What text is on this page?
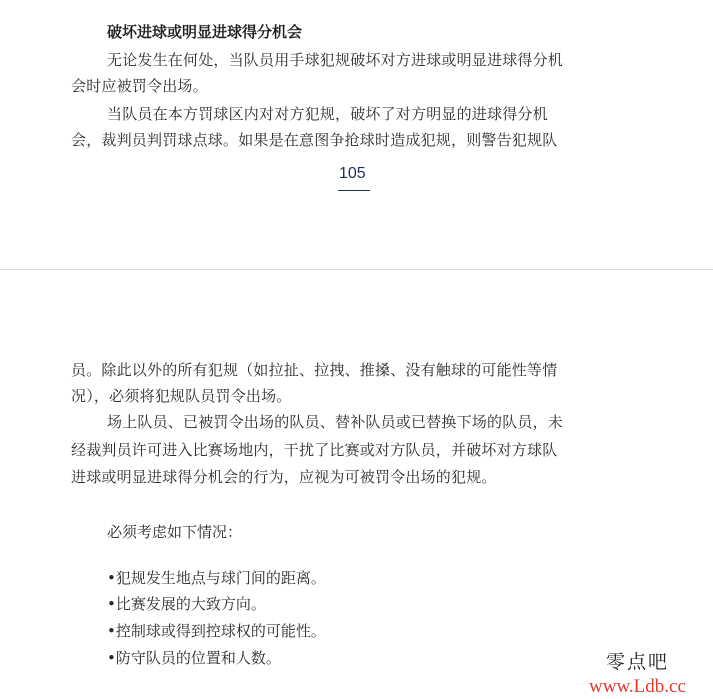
破坏进球或明显进球得分机会
无论发生在何处，当队员用手球犯规破坏对方进球或明显进球得分机
会时应被罚令出场。
当队员在本方罚球区内对对方犯规，破坏了对方明显的进球得分机
会，裁判员判罚球点球。如果是在意图争抢球时造成犯规，则警告犯规队
105
员。除此以外的所有犯规（如拉扯、拉拽、推搡、没有触球的可能性等情
况），必须将犯规队员罚令出场。
场上队员、已被罚令出场的队员、替补队员或已替换下场的队员，未
经裁判员许可进入比赛场地内，干扰了比赛或对方队员，并破坏对方球队
进球或明显进球得分机会的行为，应视为可被罚令出场的犯规。
必须考虑如下情况：
•犯规发生地点与球门间的距离。
•比赛发展的大致方向。
•控制球或得到控球权的可能性。
•防守队员的位置和人数。	零点吧
www.Ldb.cc
